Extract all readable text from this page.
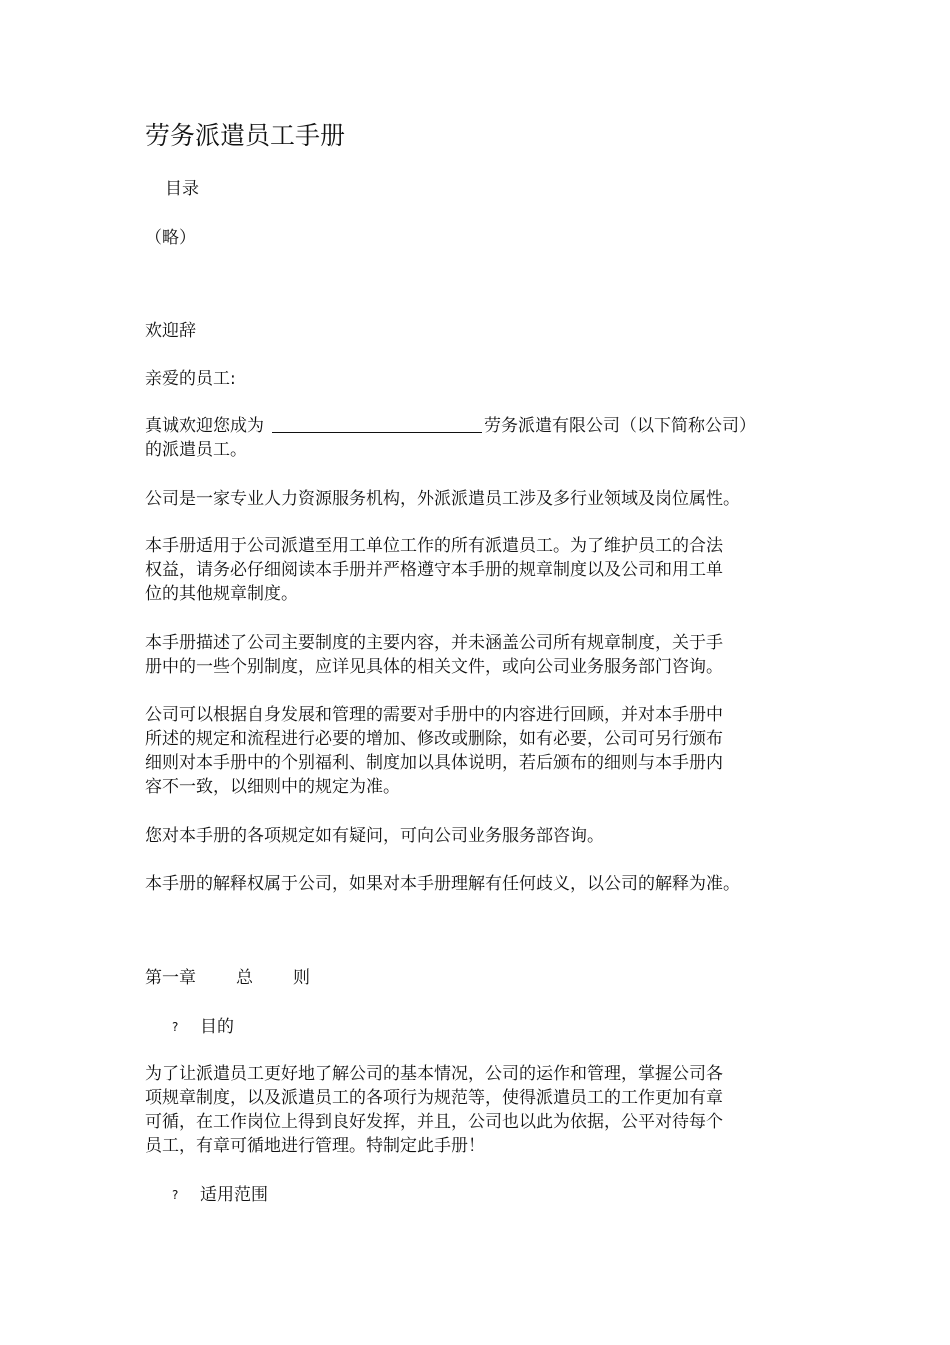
劳务派遣员工手册
目录
（略）
欢迎辞
亲爱的员工:
真诚欢迎您成为	劳务派遣有限公司（以下简称公司）
的派遣员工。
公司是一家专业人力资源服务机构，外派派遣员工涉及多行业领域及岗位属性。
本手册适用于公司派遣至用工单位工作的所有派遣员工。为了维护员工的合法
权益，请务必仔细阅读本手册并严格遵守本手册的规章制度以及公司和用工单
位的其他规章制度。
本手册描述了公司主要制度的主要内容，并未涵盖公司所有规章制度，关于手
册中的一些个别制度，应详见具体的相关文件，或向公司业务服务部门咨询。
公司可以根据自身发展和管理的需要对手册中的内容进行回顾，并对本手册中
所述的规定和流程进行必要的增加、修改或删除，如有必要，公司可另行颁布
细则对本手册中的个别福利、制度加以具体说明，若后颁布的细则与本手册内
容不一致，以细则中的规定为准。
您对本手册的各项规定如有疑问，可向公司业务服务部咨询。
本手册的解释权属于公司，如果对本手册理解有任何歧义，以公司的解释为准。
第一章 总 则
? 目的
为了让派遣员工更好地了解公司的基本情况，公司的运作和管理，掌握公司各
项规章制度，以及派遣员工的各项行为规范等，使得派遣员工的工作更加有章
可循，在工作岗位上得到良好发挥，并且，公司也以此为依据，公平对待每个
员工，有章可循地进行管理。特制定此手册！
? 适用范围
